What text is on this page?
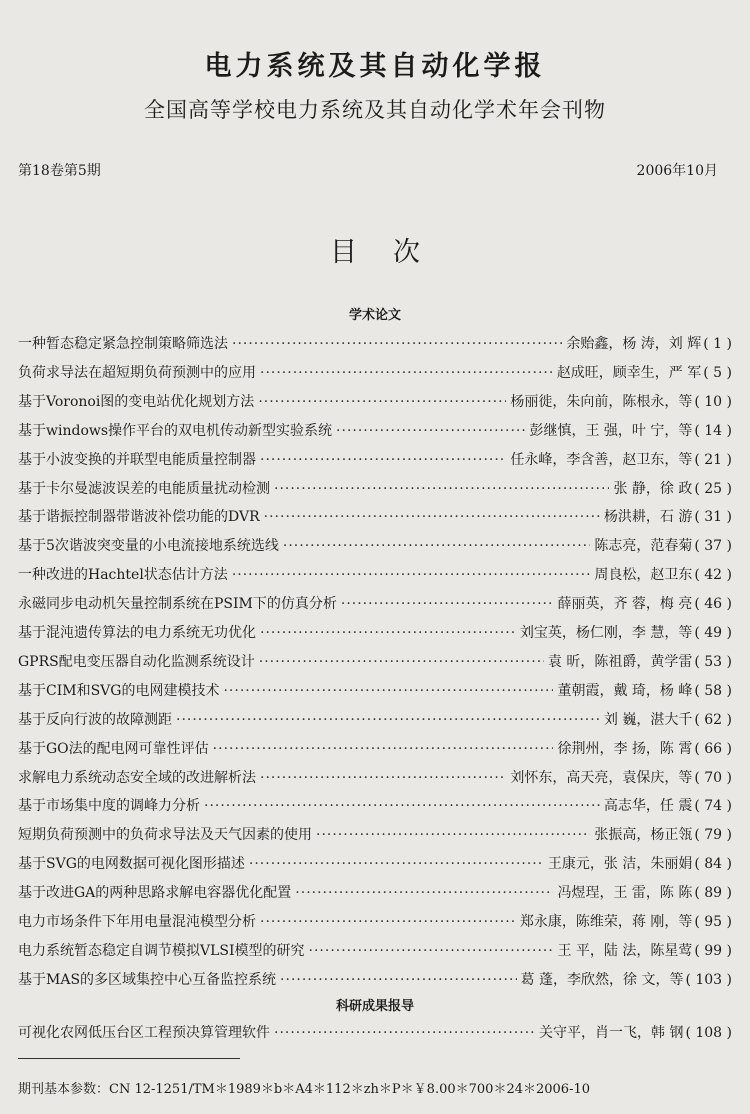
电力系统及其自动化学报
全国高等学校电力系统及其自动化学术年会刊物
第18卷第5期	2006年10月
目次
学术论文
一种暂态稳定紧急控制策略筛选法 ·····	余贻鑫，杨 涛，刘 辉 ( 1 )
负荷求导法在超短期负荷预测中的应用 ·····	赵成旺，顾幸生，严 军 ( 5 )
基于Voronoi图的变电站优化规划方法 ·····	杨丽徙，朱向前，陈根永，等 ( 10 )
基于windows操作平台的双电机传动新型实验系统 ·····	彭继慎，王 强，叶 宁，等 ( 14 )
基于小波变换的并联型电能质量控制器 ·····	任永峰，李含善，赵卫东，等 ( 21 )
基于卡尔曼滤波误差的电能质量扰动检测 ·····	张 静，徐 政 ( 25 )
基于谐振控制器带谐波补偿功能的DVR ·····	杨洪耕，石 游 ( 31 )
基于5次谐波突变量的小电流接地系统选线 ·····	陈志亮，范春菊 ( 37 )
一种改进的Hachtel状态估计方法 ·····	周良松，赵卫东 ( 42 )
永磁同步电动机矢量控制系统在PSIM下的仿真分析 ·····	薛丽英，齐 蓉，梅 亮 ( 46 )
基于混沌遗传算法的电力系统无功优化 ·····	刘宝英，杨仁刚，李 慧，等 ( 49 )
GPRS配电变压器自动化监测系统设计 ·····	袁 昕，陈祖爵，黄学雷 ( 53 )
基于CIM和SVG的电网建模技术 ·····	董朝霞，戴 琦，杨 峰 ( 58 )
基于反向行波的故障测距 ·····	刘 巍，湛大千 ( 62 )
基于GO法的配电网可靠性评估 ·····	徐荆州，李 扬，陈 霄 ( 66 )
求解电力系统动态安全域的改进解析法 ·····	刘怀东，高天亮，袁保庆，等 ( 70 )
基于市场集中度的调峰力分析 ·····	高志华，任 震 ( 74 )
短期负荷预测中的负荷求导法及天气因素的使用 ·····	张振高，杨正瓴 ( 79 )
基于SVG的电网数据可视化图形描述 ·····	王康元，张 洁，朱丽娟 ( 84 )
基于改进GA的两种思路求解电容器优化配置 ·····	冯煜珵，王 雷，陈 陈 ( 89 )
电力市场条件下年用电量混沌模型分析 ·····	郑永康，陈维荣，蒋 刚，等 ( 95 )
电力系统暂态稳定自调节模拟VLSI模型的研究 ·····	王 平，陆 法，陈星莺 ( 99 )
基于MAS的多区域集控中心互备监控系统 ·····	葛 蓬，李欣然，徐 文，等 ( 103 )
科研成果报导
可视化农网低压台区工程预决算管理软件 ·····	关守平，肖一飞，韩 钢 ( 108 )
期刊基本参数：CN 12-1251/TM＊1989＊b＊A4＊112＊zh＊P＊￥8.00＊700＊24＊2006-10
